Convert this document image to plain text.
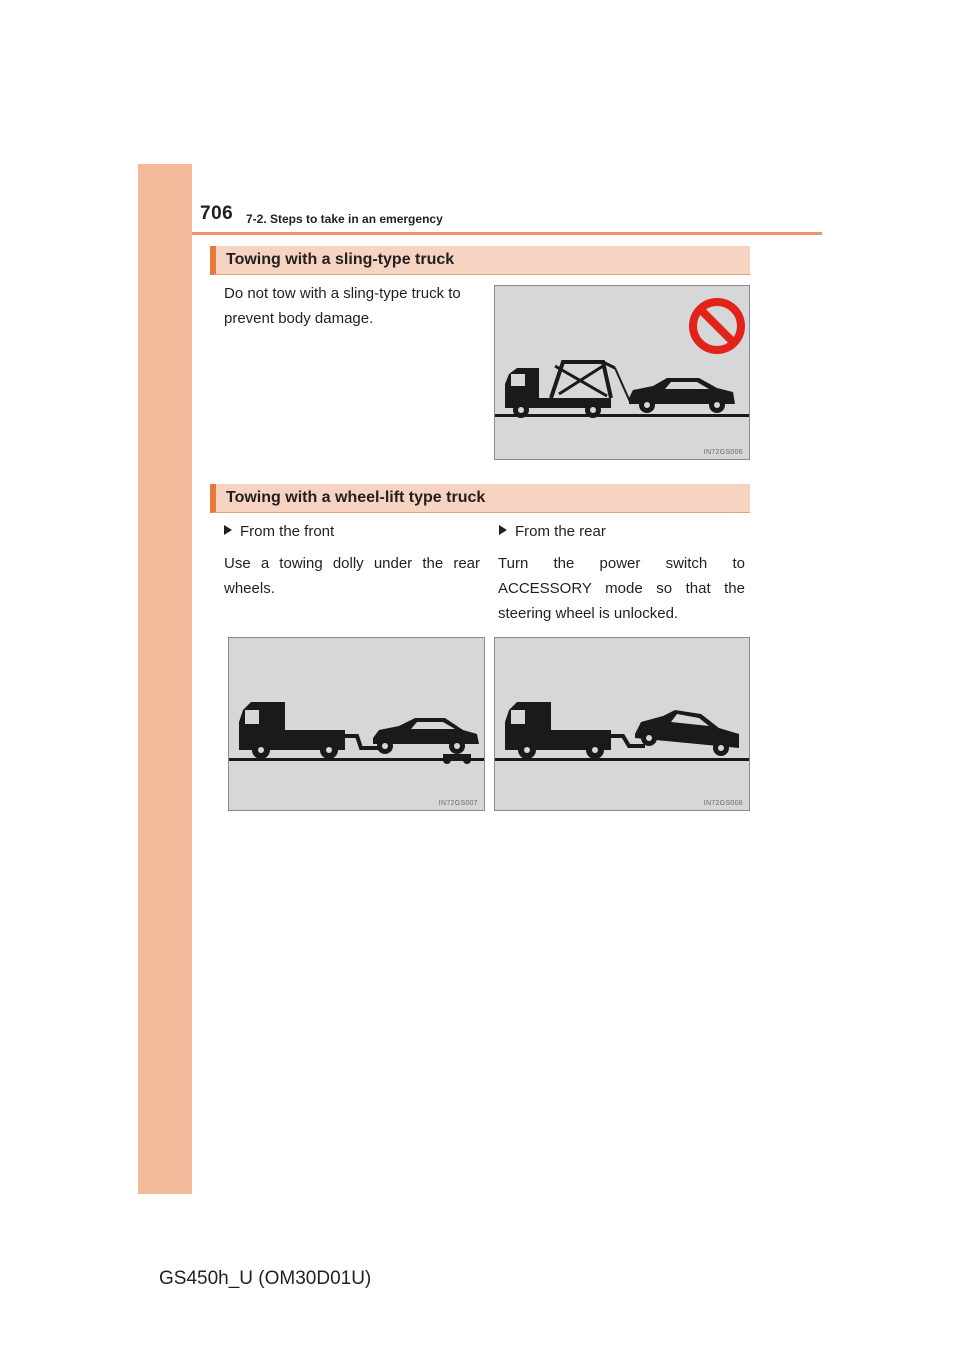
706 7-2. Steps to take in an emergency
Towing with a sling-type truck
Do not tow with a sling-type truck to prevent body damage.
IN72GS006
Towing with a wheel-lift type truck
From the front
Use a towing dolly under the rear wheels.
From the rear
Turn the power switch to ACCESSORY mode so that the steering wheel is unlocked.
IN72GS007	IN72GS008
GS450h_U (OM30D01U)
